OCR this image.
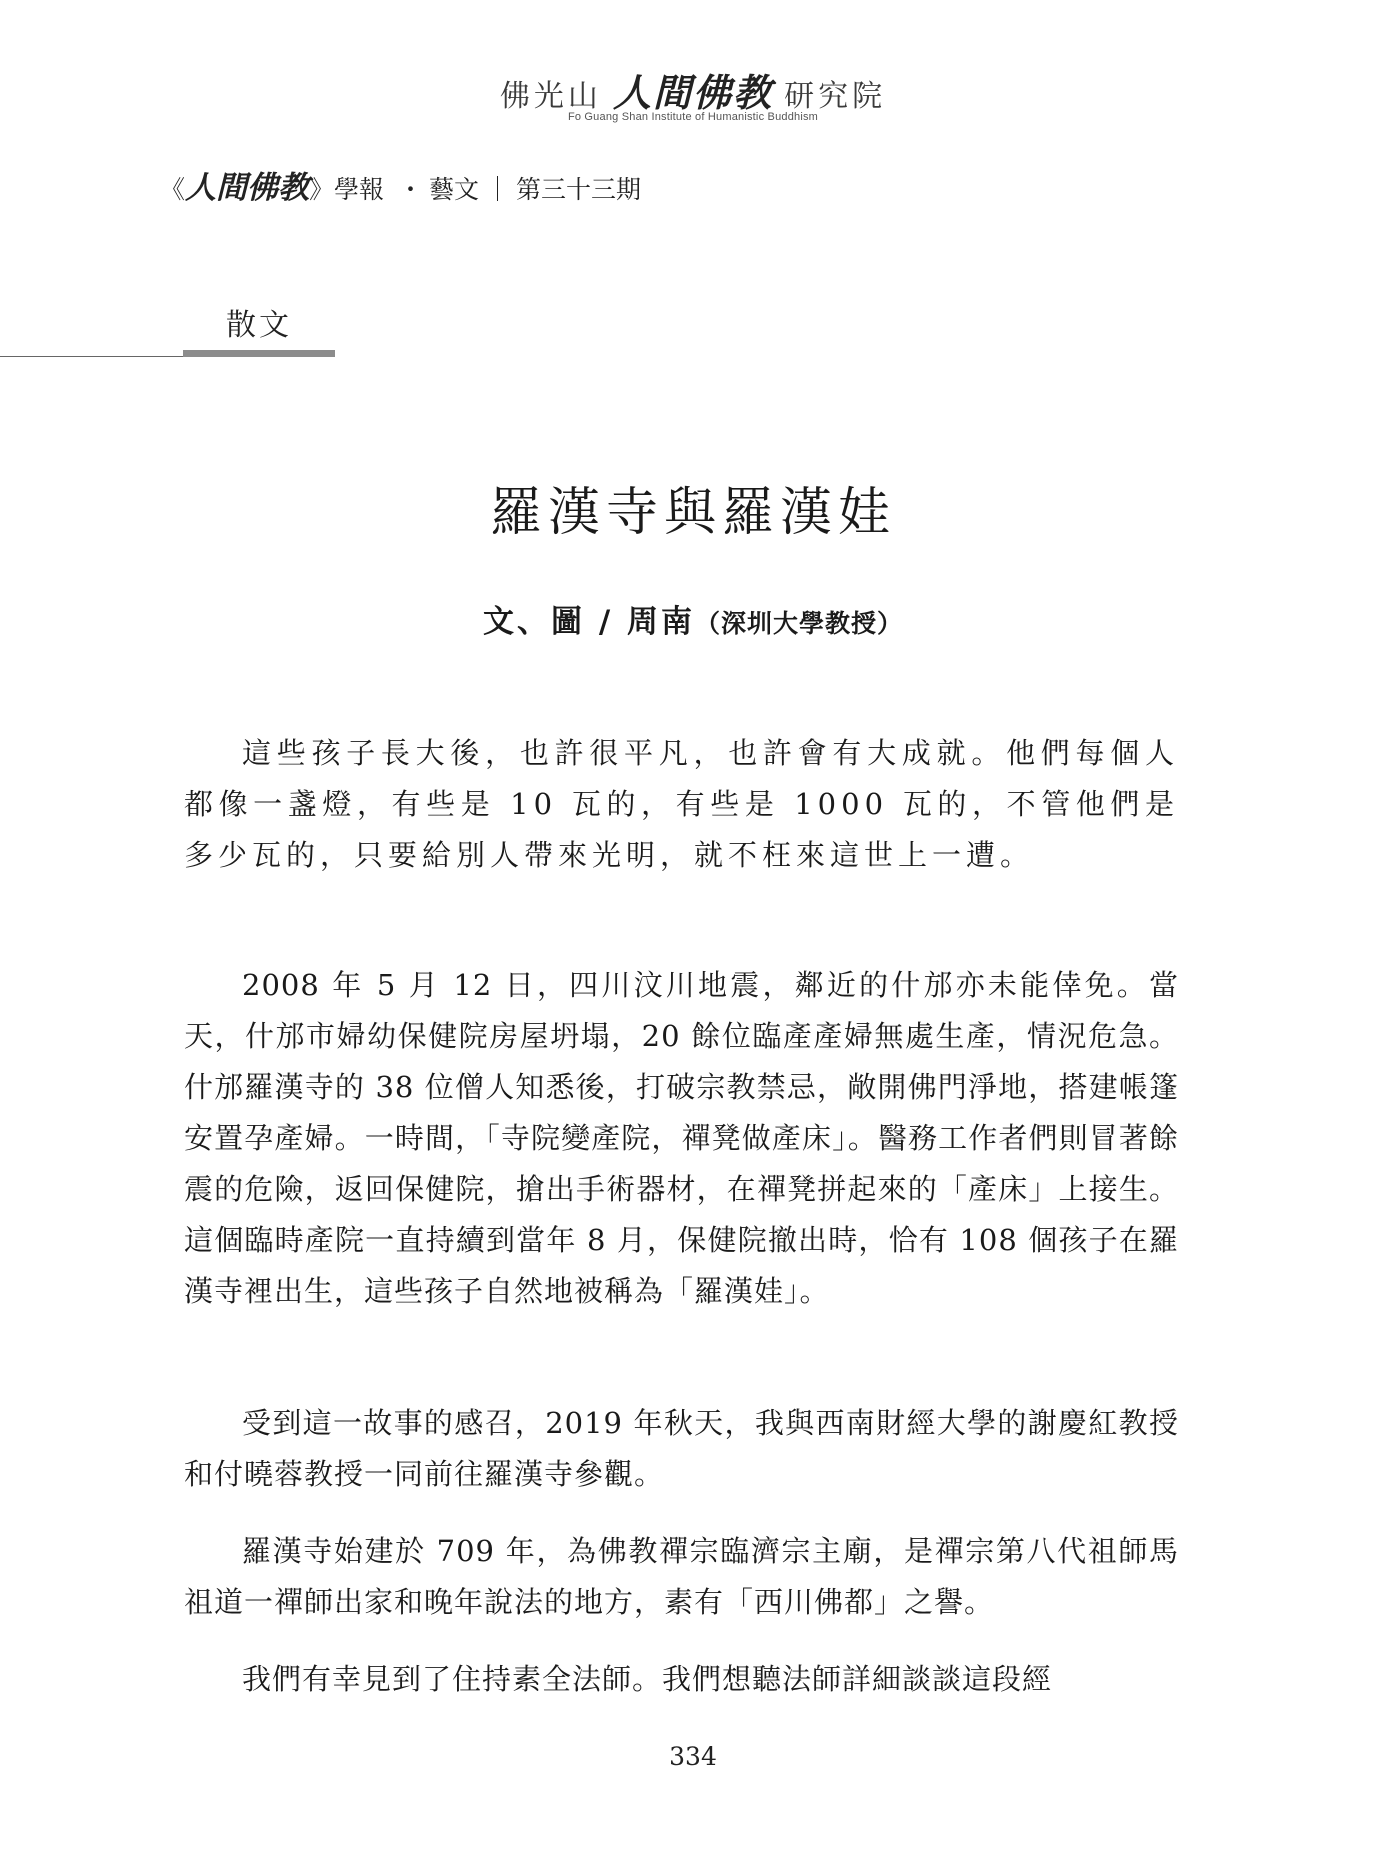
佛光山 人間佛教 研究院
Fo Guang Shan Institute of Humanistic Buddhism
《人間佛教》學報 ・ 藝文 ｜ 第三十三期
散文
羅漢寺與羅漢娃
文、圖 / 周南（深圳大學教授）

這些孩子長大後，也許很平凡，也許會有大成就。他們每個人都像一盞燈，有些是 10 瓦的，有些是 1000 瓦的，不管他們是多少瓦的，只要給別人帶來光明，就不枉來這世上一遭。

2008 年 5 月 12 日，四川汶川地震，鄰近的什邡亦未能倖免。當天，什邡市婦幼保健院房屋坍塌，20 餘位臨產產婦無處生產，情況危急。什邡羅漢寺的 38 位僧人知悉後，打破宗教禁忌，敞開佛門淨地，搭建帳篷安置孕產婦。一時間，「寺院變產院，禪凳做產床」。醫務工作者們則冒著餘震的危險，返回保健院，搶出手術器材，在禪凳拼起來的「產床」上接生。這個臨時產院一直持續到當年 8 月，保健院撤出時，恰有 108 個孩子在羅漢寺裡出生，這些孩子自然地被稱為「羅漢娃」。

受到這一故事的感召，2019 年秋天，我與西南財經大學的謝慶紅教授和付曉蓉教授一同前往羅漢寺參觀。

羅漢寺始建於 709 年，為佛教禪宗臨濟宗主廟，是禪宗第八代祖師馬祖道一禪師出家和晚年說法的地方，素有「西川佛都」之譽。

我們有幸見到了住持素全法師。我們想聽法師詳細談談這段經

334
